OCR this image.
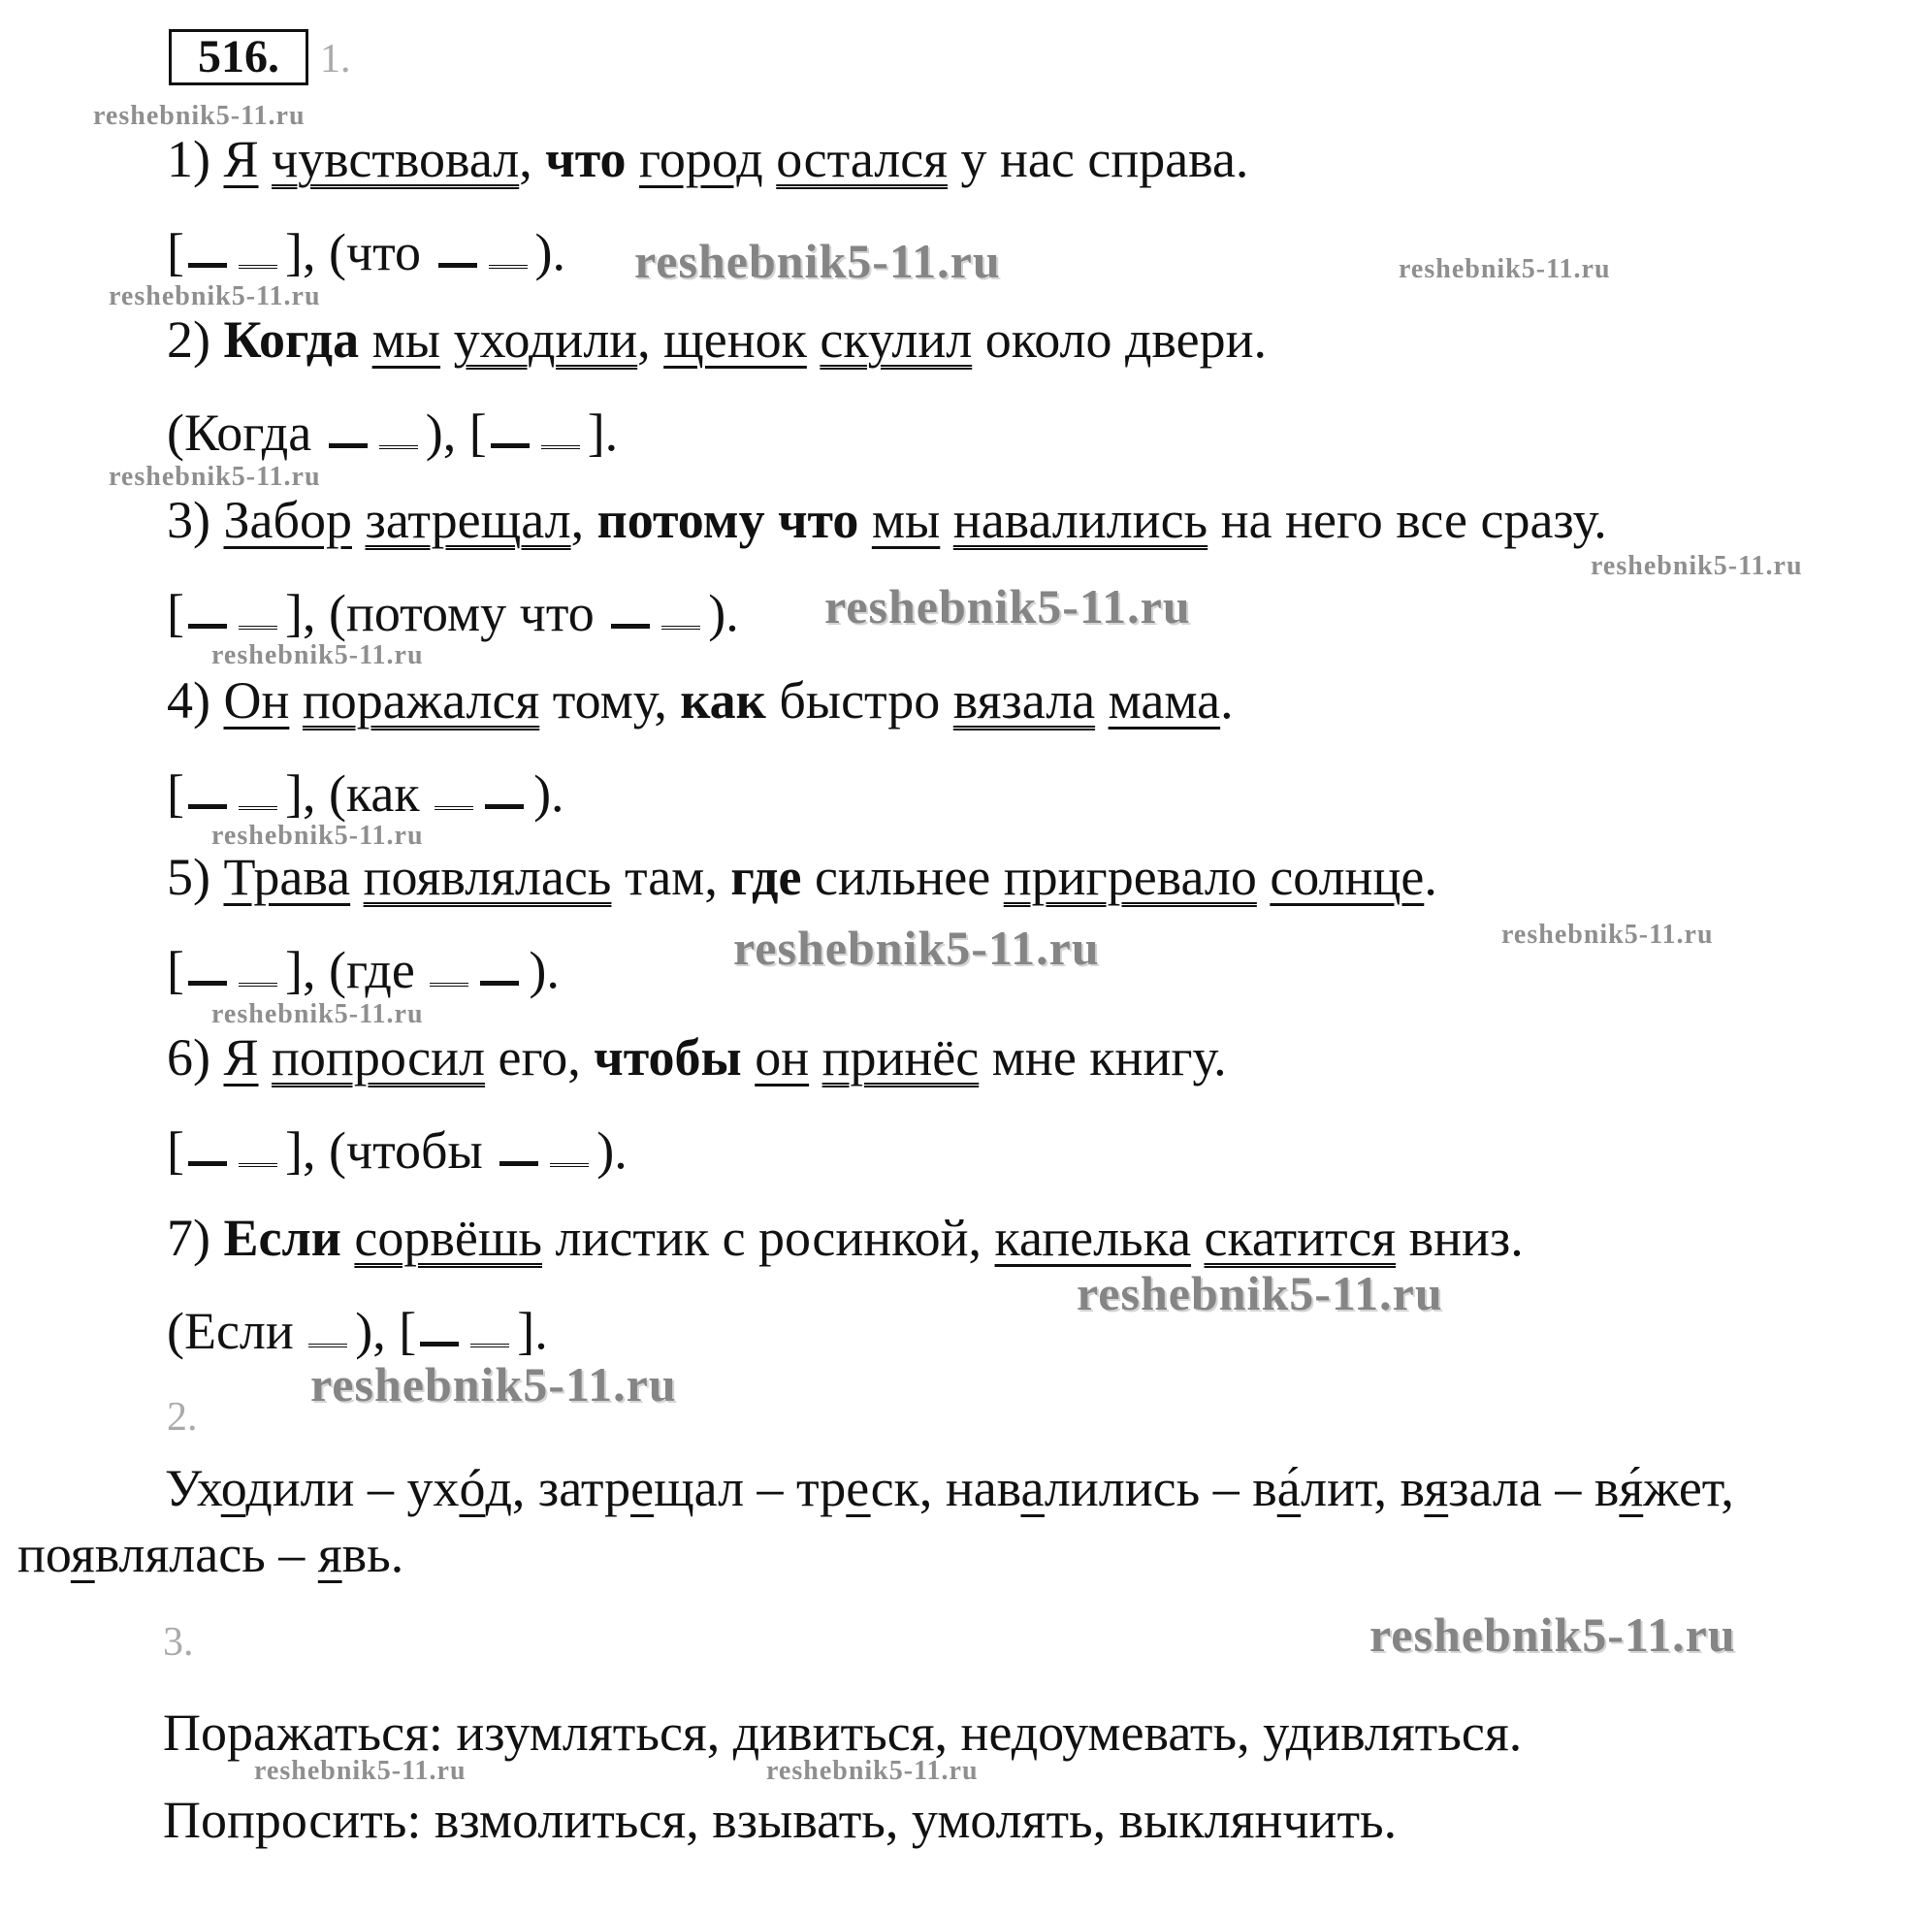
516.	1.
1) Я чувствовал, что город остался у нас справа.
[ ], (что ).
2) Когда мы уходили, щенок скулил около двери.
(Когда ), [ ].
3) Забор затрещал, потому что мы навалились на него все сразу.
[ ], (потому что ).
4) Он поражался тому, как быстро вязала мама.
[ ], (как ).
5) Трава появлялась там, где сильнее пригревало солнце.
[ ], (где ).
6) Я попросил его, чтобы он принёс мне книгу.
[ ], (чтобы ).
7) Если сорвёшь листик с росинкой, капелька скатится вниз.
(Если ), [ ].
2.
Уходили – ухóд, затрещал – треск, навалились – в´ алит, вязала – в´ яжет,
появлялась – явь.
3.
Поражаться: изумляться, дивиться, недоумевать, удивляться.
Попросить: взмолиться, взывать, умолять, выклянчить.
reshebnik5-11.ru
reshebnik5-11.ru	reshebnik5-11.ru
reshebnik5-11.ru
reshebnik5-11.ru
reshebnik5-11.ru
reshebnik5-11.ru
reshebnik5-11.ru
reshebnik5-11.ru
reshebnik5-11.ru	reshebnik5-11.ru
reshebnik5-11.ru
reshebnik5-11.ru
reshebnik5-11.ru
reshebnik5-11.ru
reshebnik5-11.ru	reshebnik5-11.ru
